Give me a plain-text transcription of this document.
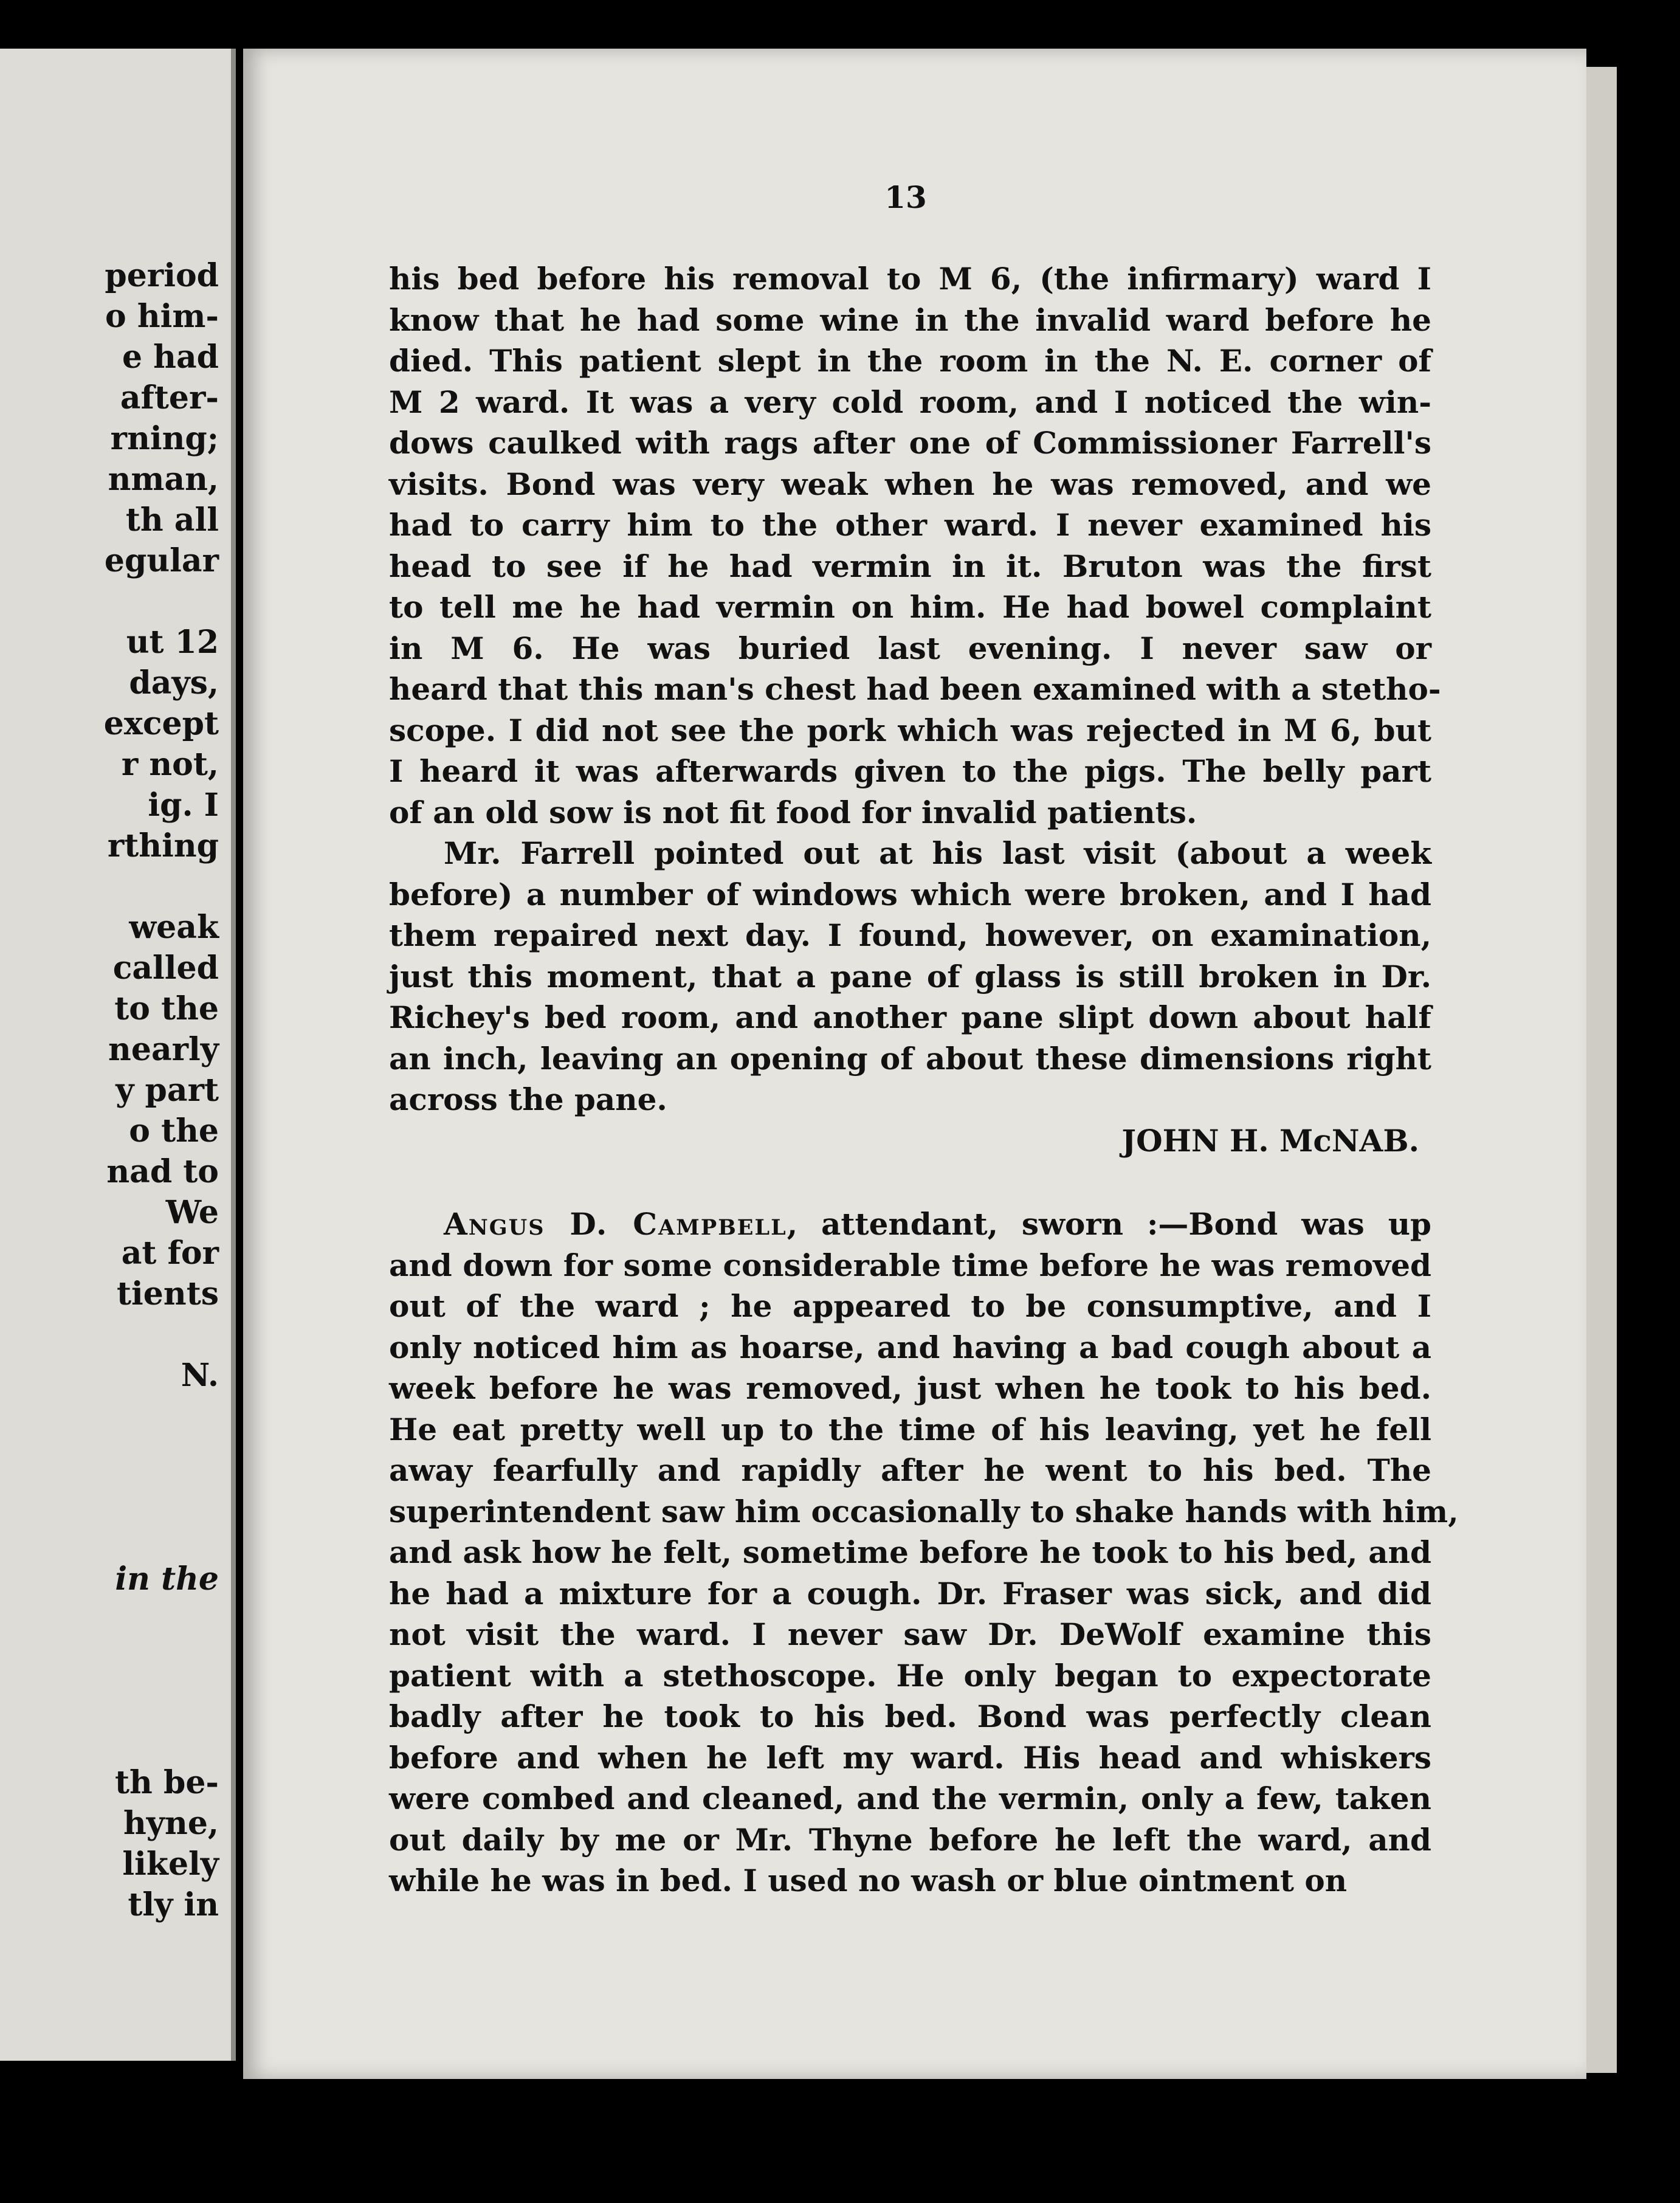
period
o him-
e had
after-
rning;
nman,
th all
egular

ut 12
days,
except
r not,
ig. I
rthing

weak
called
to the
nearly
y part
o the
nad to
We
at for
tients

N.

in the

th be-
hyne,
likely
tly in
13
his bed before his removal to M 6, (the infirmary) ward I
know that he had some wine in the invalid ward before he
died. This patient slept in the room in the N. E. corner of
M 2 ward. It was a very cold room, and I noticed the win-
dows caulked with rags after one of Commissioner Farrell's
visits. Bond was very weak when he was removed, and we
had to carry him to the other ward. I never examined his
head to see if he had vermin in it. Bruton was the first
to tell me he had vermin on him. He had bowel complaint
in M 6. He was buried last evening. I never saw or
heard that this man's chest had been examined with a stetho-
scope. I did not see the pork which was rejected in M 6, but
I heard it was afterwards given to the pigs. The belly part
of an old sow is not fit food for invalid patients.
Mr. Farrell pointed out at his last visit (about a week
before) a number of windows which were broken, and I had
them repaired next day. I found, however, on examination,
just this moment, that a pane of glass is still broken in Dr.
Richey's bed room, and another pane slipt down about half
an inch, leaving an opening of about these dimensions right
across the pane.
JOHN H. McNAB.
Angus D. Campbell, attendant, sworn :—Bond was up
and down for some considerable time before he was removed
out of the ward ; he appeared to be consumptive, and I
only noticed him as hoarse, and having a bad cough about a
week before he was removed, just when he took to his bed.
He eat pretty well up to the time of his leaving, yet he fell
away fearfully and rapidly after he went to his bed. The
superintendent saw him occasionally to shake hands with him,
and ask how he felt, sometime before he took to his bed, and
he had a mixture for a cough. Dr. Fraser was sick, and did
not visit the ward. I never saw Dr. DeWolf examine this
patient with a stethoscope. He only began to expectorate
badly after he took to his bed. Bond was perfectly clean
before and when he left my ward. His head and whiskers
were combed and cleaned, and the vermin, only a few, taken
out daily by me or Mr. Thyne before he left the ward, and
while he was in bed. I used no wash or blue ointment on
